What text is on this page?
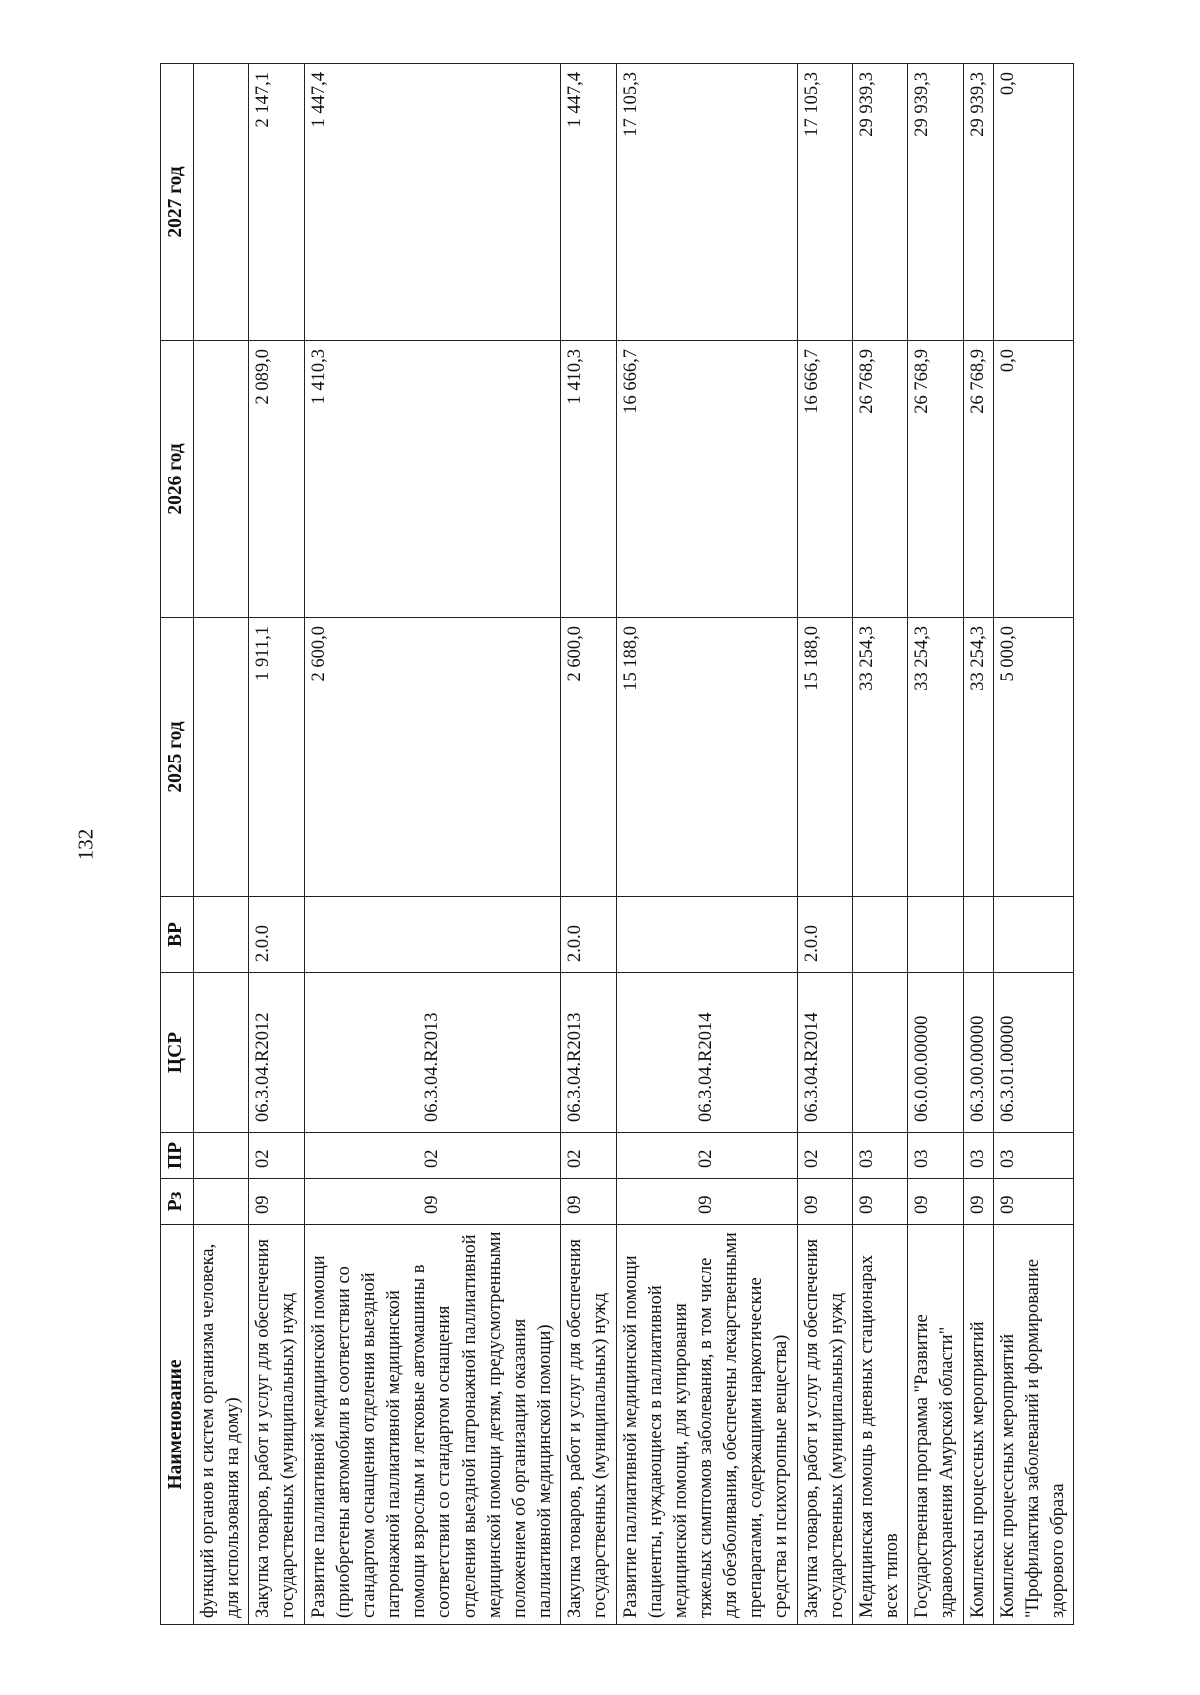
132
Наименование	Рз	ПР	ЦСР	ВР	2025 год	2026 год	2027 год
функций органов и систем организма человека, для использования на дому)							
Закупка товаров, работ и услуг для обеспечения государственных (муниципальных) нужд	09	02	06.3.04.R2012	2.0.0	1 911,1	2 089,0	2 147,1
Развитие паллиативной медицинской помощи (приобретены автомобили в соответствии со стандартом оснащения отделения выездной патронажной паллиативной медицинской помощи взрослым и легковые автомашины в соответствии со стандартом оснащения отделения выездной патронажной паллиативной медицинской помощи детям, предусмотренными положением об организации оказания паллиативной медицинской помощи)	09	02	06.3.04.R2013		2 600,0	1 410,3	1 447,4
Закупка товаров, работ и услуг для обеспечения государственных (муниципальных) нужд	09	02	06.3.04.R2013	2.0.0	2 600,0	1 410,3	1 447,4
Развитие паллиативной медицинской помощи (пациенты, нуждающиеся в паллиативной медицинской помощи, для купирования тяжелых симптомов заболевания, в том числе для обезболивания, обеспечены лекарственными препаратами, содержащими наркотические средства и психотропные вещества)	09	02	06.3.04.R2014		15 188,0	16 666,7	17 105,3
Закупка товаров, работ и услуг для обеспечения государственных (муниципальных) нужд	09	02	06.3.04.R2014	2.0.0	15 188,0	16 666,7	17 105,3
Медицинская помощь в дневных стационарах всех типов	09	03			33 254,3	26 768,9	29 939,3
Государственная программа "Развитие здравоохранения Амурской области"	09	03	06.0.00.00000		33 254,3	26 768,9	29 939,3
Комплексы процессных мероприятий	09	03	06.3.00.00000		33 254,3	26 768,9	29 939,3
Комплекс процессных мероприятий "Профилактика заболеваний и формирование здорового образа	09	03	06.3.01.00000		5 000,0	0,0	0,0
